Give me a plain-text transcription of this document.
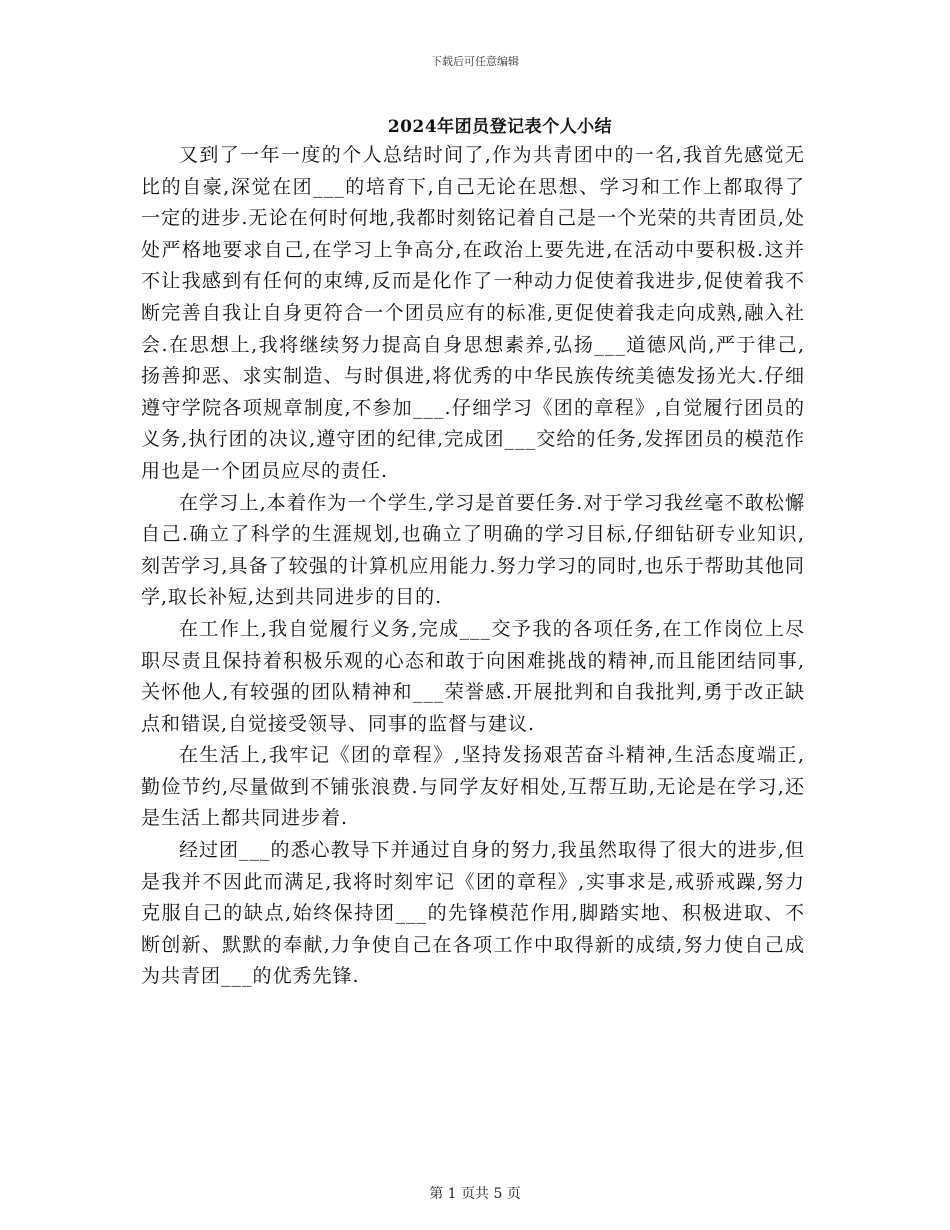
下载后可任意编辑
2024年团员登记表个人小结

又到了一年一度的个人总结时间了,作为共青团中的一名,我首先感觉无比的自豪,深觉在团___的培育下,自己无论在思想、学习和工作上都取得了一定的进步.无论在何时何地,我都时刻铭记着自己是一个光荣的共青团员,处处严格地要求自己,在学习上争高分,在政治上要先进,在活动中要积极.这并不让我感到有任何的束缚,反而是化作了一种动力促使着我进步,促使着我不断完善自我让自身更符合一个团员应有的标准,更促使着我走向成熟,融入社会.在思想上,我将继续努力提高自身思想素养,弘扬___道德风尚,严于律己,扬善抑恶、求实制造、与时俱进,将优秀的中华民族传统美德发扬光大.仔细遵守学院各项规章制度,不参加___.仔细学习《团的章程》,自觉履行团员的义务,执行团的决议,遵守团的纪律,完成团___交给的任务,发挥团员的模范作用也是一个团员应尽的责任.

在学习上,本着作为一个学生,学习是首要任务.对于学习我丝毫不敢松懈自己.确立了科学的生涯规划,也确立了明确的学习目标,仔细钻研专业知识,刻苦学习,具备了较强的计算机应用能力.努力学习的同时,也乐于帮助其他同学,取长补短,达到共同进步的目的.

在工作上,我自觉履行义务,完成___交予我的各项任务,在工作岗位上尽职尽责且保持着积极乐观的心态和敢于向困难挑战的精神,而且能团结同事,关怀他人,有较强的团队精神和___荣誉感.开展批判和自我批判,勇于改正缺点和错误,自觉接受领导、同事的监督与建议.

在生活上,我牢记《团的章程》,坚持发扬艰苦奋斗精神,生活态度端正,勤俭节约,尽量做到不铺张浪费.与同学友好相处,互帮互助,无论是在学习,还是生活上都共同进步着.

经过团___的悉心教导下并通过自身的努力,我虽然取得了很大的进步,但是我并不因此而满足,我将时刻牢记《团的章程》,实事求是,戒骄戒躁,努力克服自己的缺点,始终保持团___的先锋模范作用,脚踏实地、积极进取、不断创新、默默的奉献,力争使自己在各项工作中取得新的成绩,努力使自己成为共青团___的优秀先锋.

第 1 页共 5 页
